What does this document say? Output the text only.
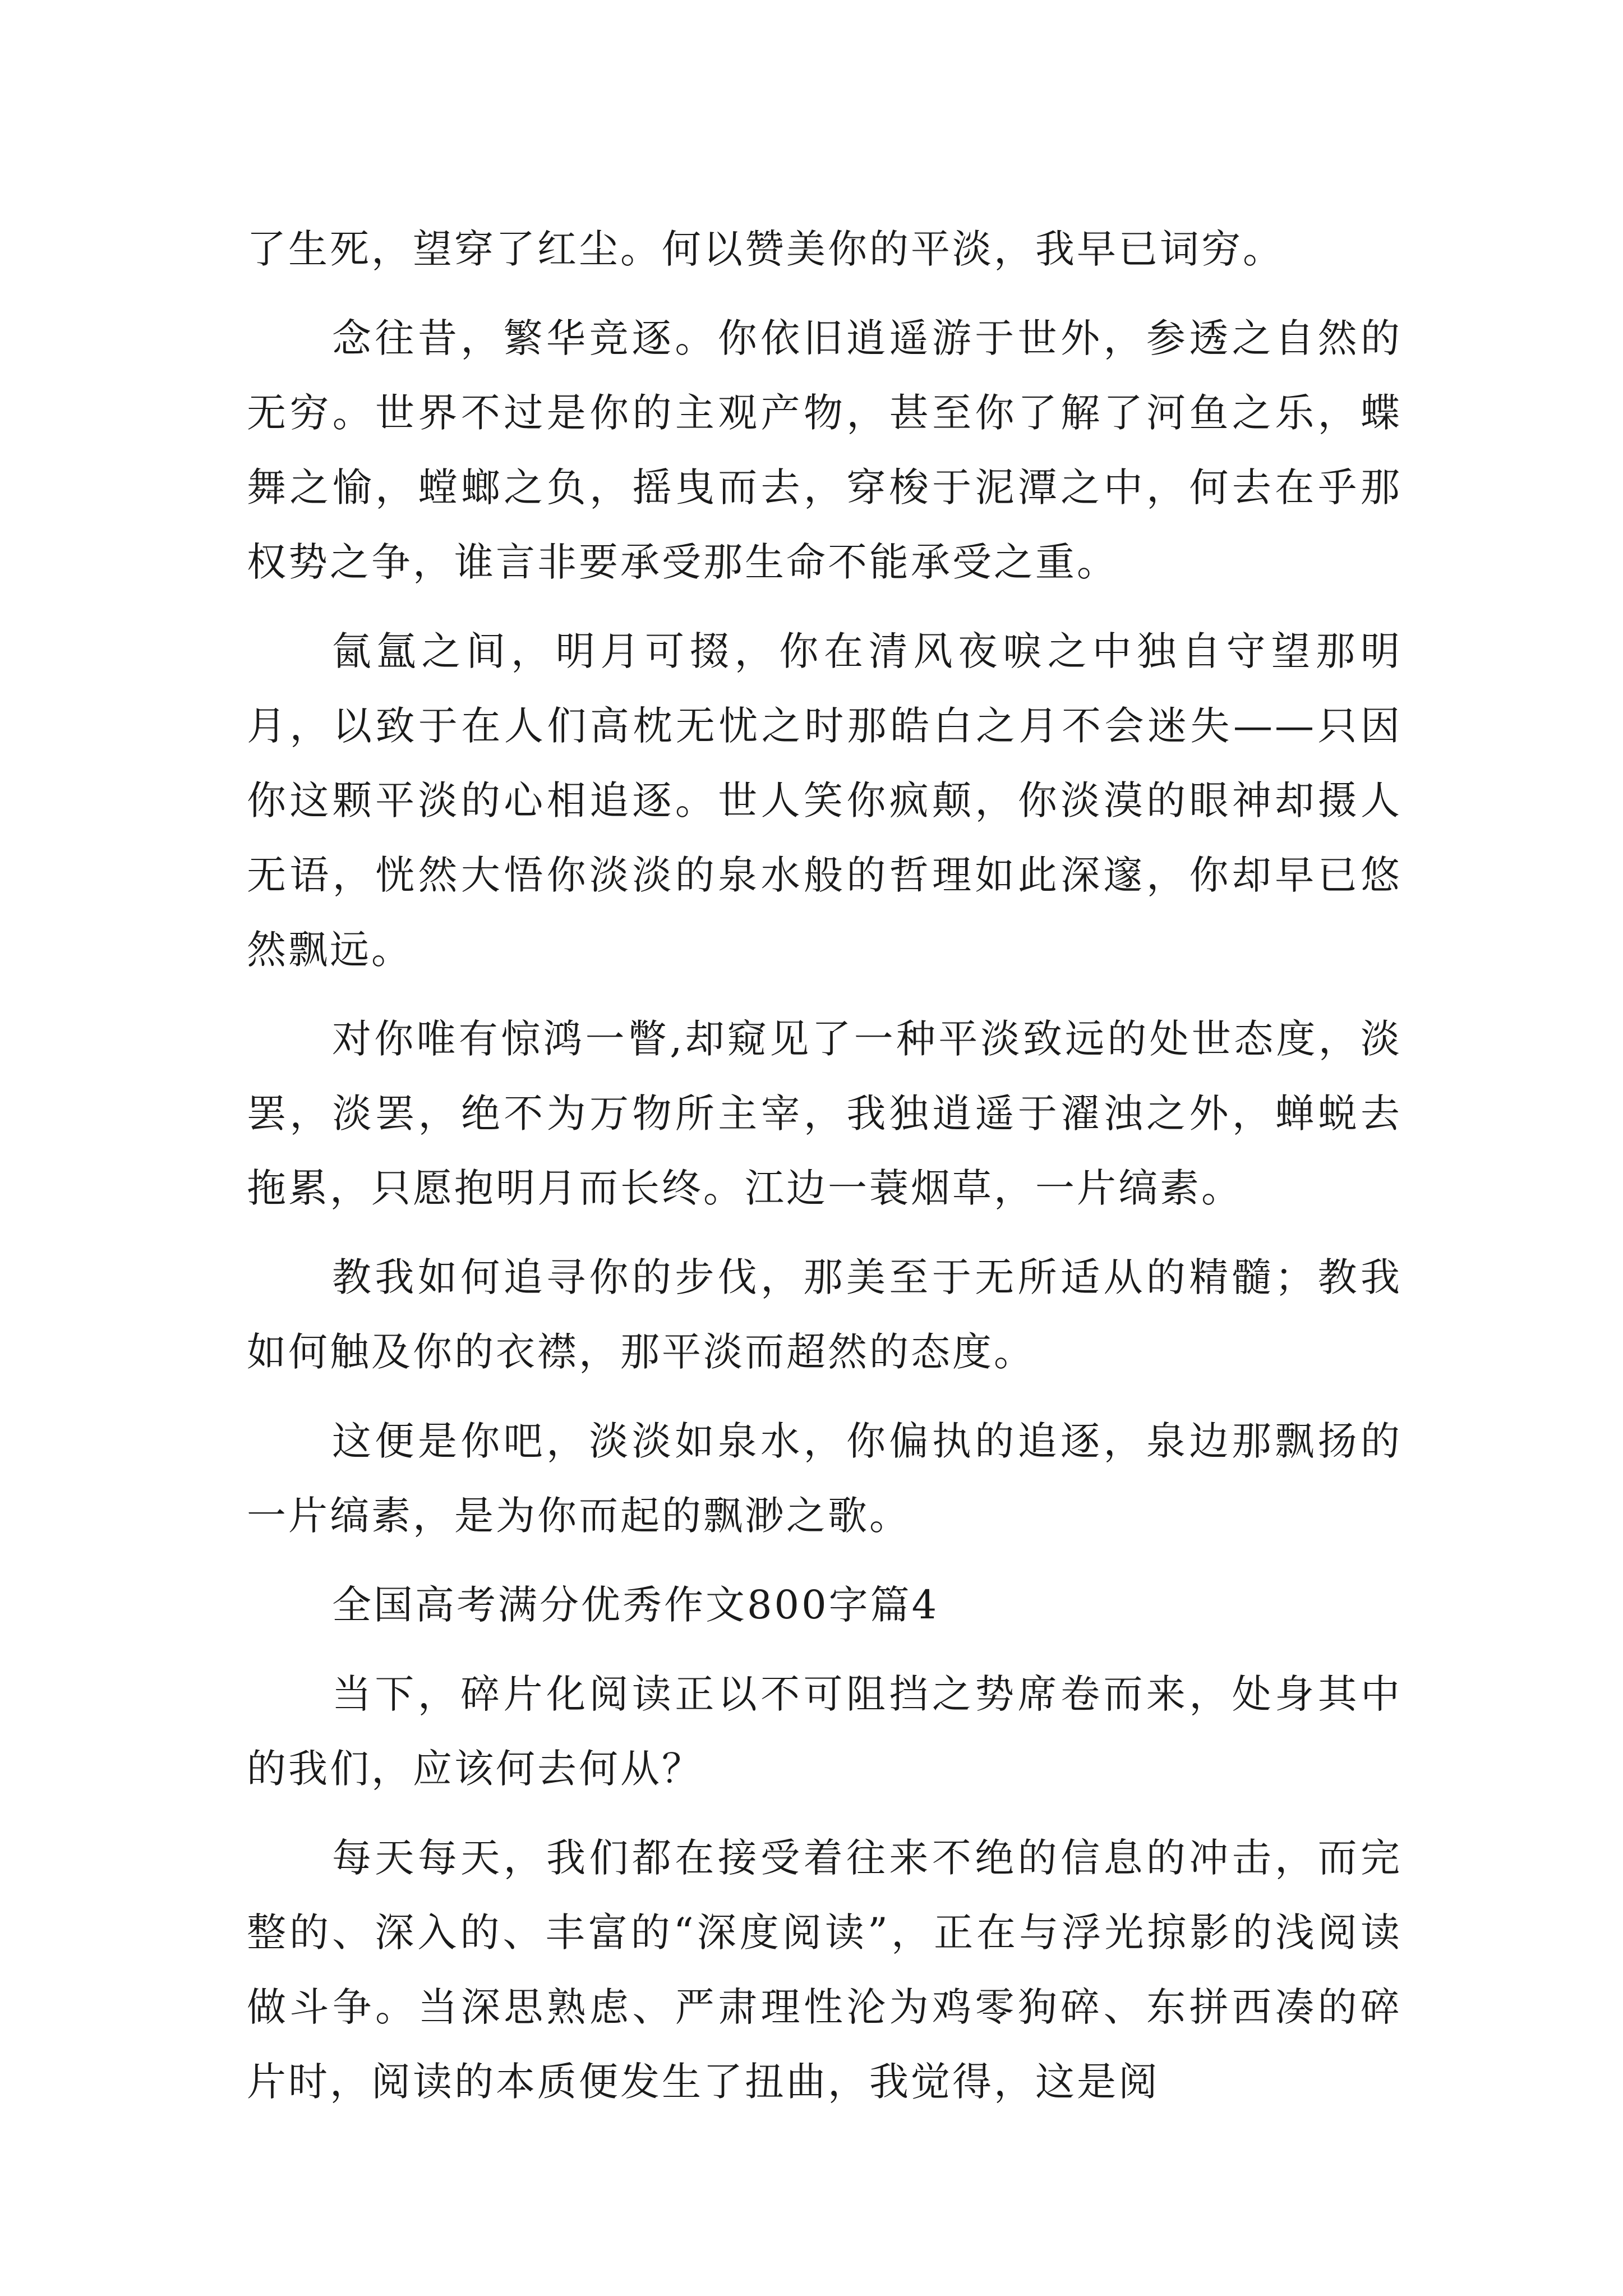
了生死，望穿了红尘。何以赞美你的平淡，我早已词穷。

念往昔，繁华竞逐。你依旧逍遥游于世外，参透之自然的无穷。世界不过是你的主观产物，甚至你了解了河鱼之乐，蝶舞之愉，螳螂之负，摇曳而去，穿梭于泥潭之中，何去在乎那权势之争，谁言非要承受那生命不能承受之重。

氤氲之间，明月可掇，你在清风夜唳之中独自守望那明月，以致于在人们高枕无忧之时那皓白之月不会迷失——只因你这颗平淡的心相追逐。世人笑你疯颠，你淡漠的眼神却摄人无语，恍然大悟你淡淡的泉水般的哲理如此深邃，你却早已悠然飘远。

对你唯有惊鸿一瞥,却窥见了一种平淡致远的处世态度，淡罢，淡罢，绝不为万物所主宰，我独逍遥于濯浊之外，蝉蜕去拖累，只愿抱明月而长终。江边一蓑烟草，一片缟素。

教我如何追寻你的步伐，那美至于无所适从的精髓；教我如何触及你的衣襟，那平淡而超然的态度。

这便是你吧，淡淡如泉水，你偏执的追逐，泉边那飘扬的一片缟素，是为你而起的飘渺之歌。

全国高考满分优秀作文800字篇4

当下，碎片化阅读正以不可阻挡之势席卷而来，处身其中的我们，应该何去何从？

每天每天，我们都在接受着往来不绝的信息的冲击，而完整的、深入的、丰富的“深度阅读”，正在与浮光掠影的浅阅读做斗争。当深思熟虑、严肃理性沦为鸡零狗碎、东拼西凑的碎片时，阅读的本质便发生了扭曲，我觉得，这是阅
